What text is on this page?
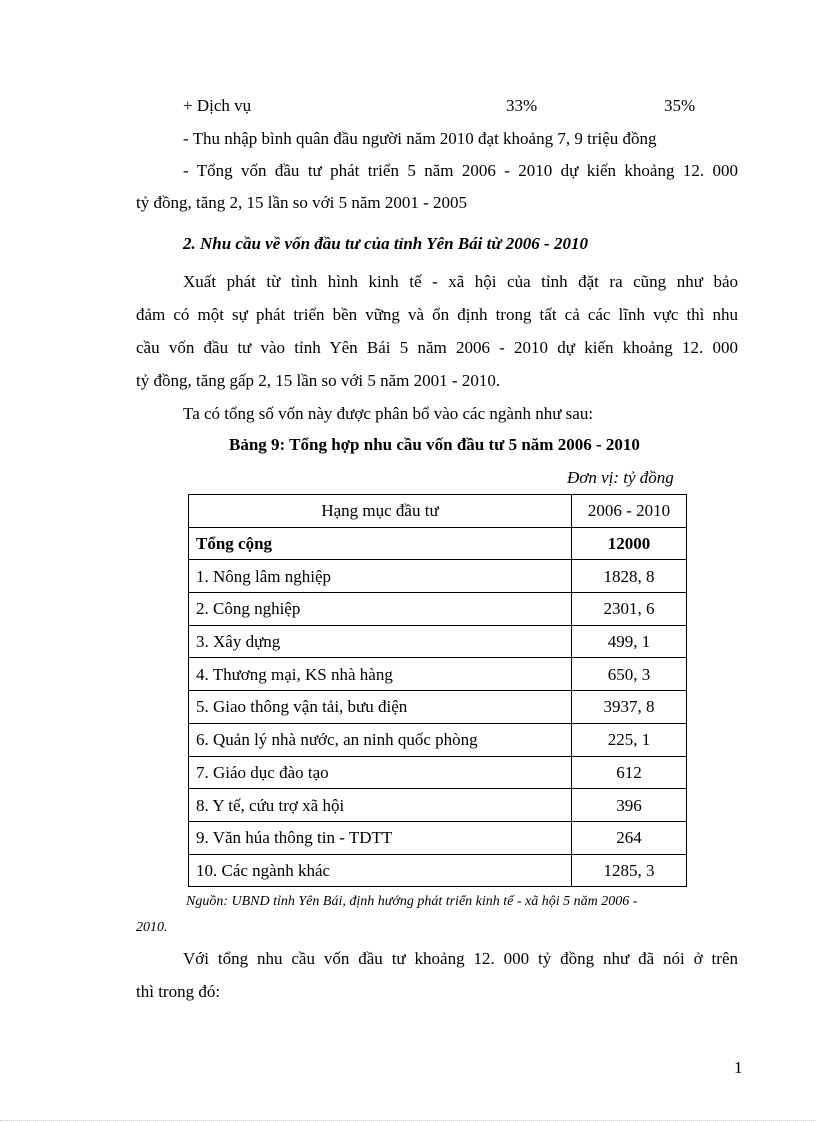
+ Dịch vụ	33%	35%
- Thu nhập bình quân đầu người năm 2010 đạt khoảng 7, 9 triệu đồng
- Tổng vốn đầu tư phát triển 5 năm 2006 - 2010 dự kiến khoảng 12. 000
tỷ đồng, tăng 2, 15 lần so với 5 năm 2001 - 2005
2. Nhu cầu về vốn đầu tư của tỉnh Yên Bái từ 2006 - 2010
Xuất phát từ tình hình kinh tế - xã hội của tỉnh đặt ra cũng như bảo
đảm có một sự phát triển bền vững và ổn định trong tất cả các lĩnh vực thì nhu
cầu vốn đầu tư vào tỉnh Yên Bái 5 năm 2006 - 2010 dự kiến khoảng 12. 000
tỷ đồng, tăng gấp 2, 15 lần so với 5 năm 2001 - 2010.
Ta có tổng số vốn này được phân bổ vào các ngành như sau:
Bảng 9: Tổng hợp nhu cầu vốn đầu tư 5 năm 2006 - 2010
Đơn vị: tỷ đồng
Hạng mục đầu tư	2006 - 2010
Tổng cộng	12000
1. Nông lâm nghiệp	1828, 8
2. Công nghiệp	2301, 6
3. Xây dựng	499, 1
4. Thương mại, KS nhà hàng	650, 3
5. Giao thông vận tải, bưu điện	3937, 8
6. Quản lý nhà nước, an ninh quốc phòng	225, 1
7. Giáo dục đào tạo	612
8. Y tế, cứu trợ xã hội	396
9. Văn húa thông tin - TDTT	264
10. Các ngành khác	1285, 3
Nguồn: UBND tỉnh Yên Bái, định hướng phát triển kinh tế - xã hội 5 năm 2006 -
2010.
Với tổng nhu cầu vốn đầu tư khoảng 12. 000 tỷ đồng như đã nói ở trên
thì trong đó:
1
